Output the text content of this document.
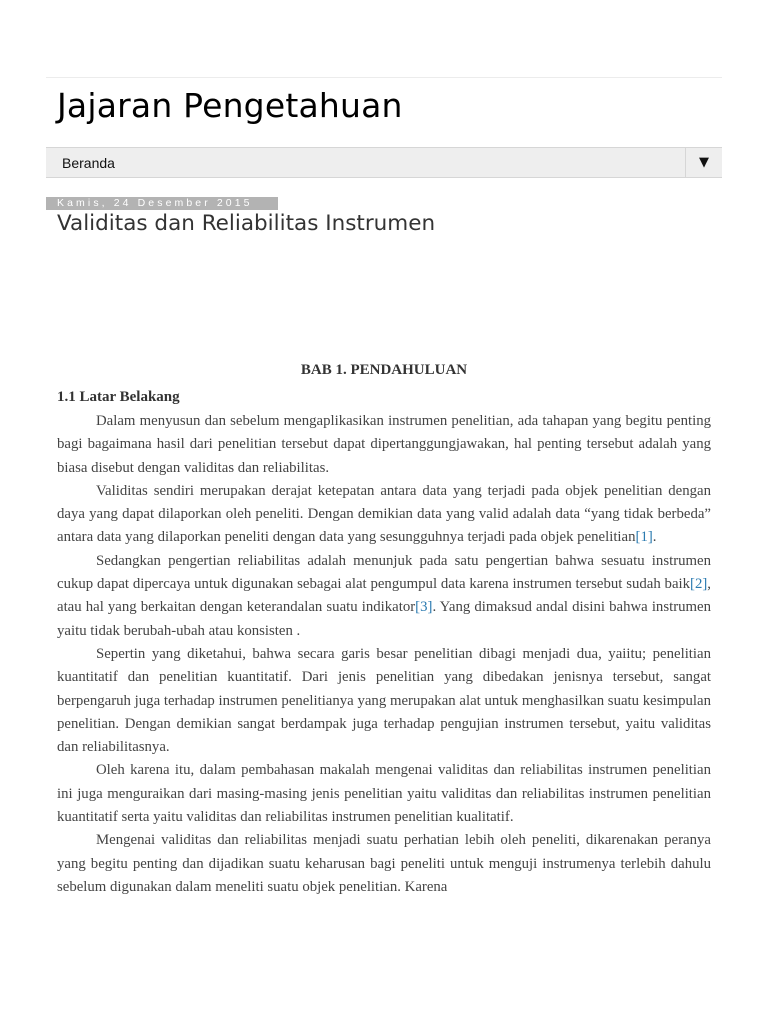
Jajaran Pengetahuan
Beranda	▼
Kamis, 24 Desember 2015
Validitas dan Reliabilitas Instrumen

BAB 1. PENDAHULUAN

1.1 Latar Belakang

Dalam menyusun dan sebelum mengaplikasikan instrumen penelitian, ada tahapan yang begitu penting bagi bagaimana hasil dari penelitian tersebut dapat dipertanggungjawakan, hal penting tersebut adalah yang biasa disebut dengan validitas dan reliabilitas.

Validitas sendiri merupakan derajat ketepatan antara data yang terjadi pada objek penelitian dengan daya yang dapat dilaporkan oleh peneliti. Dengan demikian data yang valid adalah data “yang tidak berbeda” antara data yang dilaporkan peneliti dengan data yang sesungguhnya terjadi pada objek penelitian[1].

Sedangkan pengertian reliabilitas adalah menunjuk pada satu pengertian bahwa sesuatu instrumen cukup dapat dipercaya untuk digunakan sebagai alat pengumpul data karena instrumen tersebut sudah baik[2], atau hal yang berkaitan dengan keterandalan suatu indikator[3]. Yang dimaksud andal disini bahwa instrumen yaitu tidak berubah-ubah atau konsisten .

Sepertin yang diketahui, bahwa secara garis besar penelitian dibagi menjadi dua, yaiitu; penelitian kuantitatif dan penelitian kuantitatif. Dari jenis penelitian yang dibedakan jenisnya tersebut, sangat berpengaruh juga terhadap instrumen penelitianya yang merupakan alat untuk menghasilkan suatu kesimpulan penelitian. Dengan demikian sangat berdampak juga terhadap pengujian instrumen tersebut, yaitu validitas dan reliabilitasnya.

Oleh karena itu, dalam pembahasan makalah mengenai validitas dan reliabilitas instrumen penelitian ini juga menguraikan dari masing-masing jenis penelitian yaitu validitas dan reliabilitas instrumen penelitian kuantitatif serta yaitu validitas dan reliabilitas instrumen penelitian kualitatif.

Mengenai validitas dan reliabilitas menjadi suatu perhatian lebih oleh peneliti, dikarenakan peranya yang begitu penting dan dijadikan suatu keharusan bagi peneliti untuk menguji instrumenya terlebih dahulu sebelum digunakan dalam meneliti suatu objek penelitian. Karena
